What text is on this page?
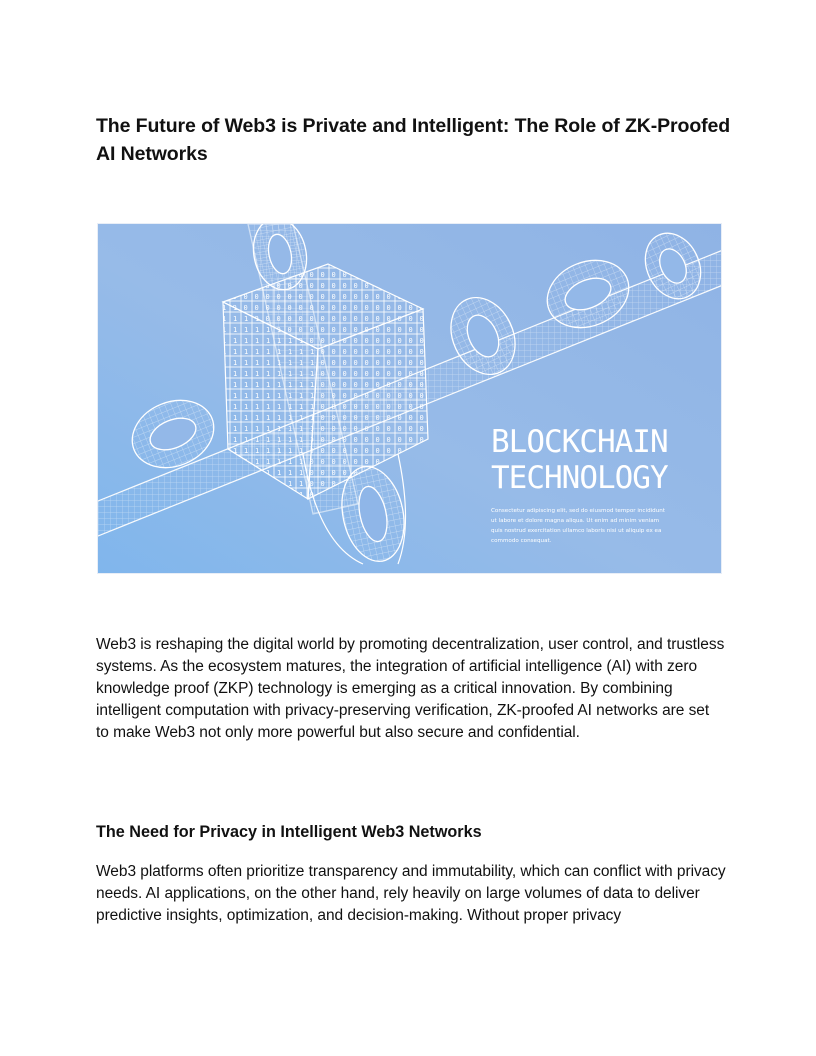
The Future of Web3 is Private and Intelligent: The Role of ZK-Proofed AI Networks
BLOCKCHAIN
TECHNOLOGY
Consectetur adipiscing elit, sed do eiusmod tempor incididunt
ut labore et dolore magna aliqua. Ut enim ad minim veniam
quis nostrud exercitation ullamco laboris nisi ut aliquip ex ea
commodo consequat.

Web3 is reshaping the digital world by promoting decentralization, user control, and trustless systems. As the ecosystem matures, the integration of artificial intelligence (AI) with zero knowledge proof (ZKP) technology is emerging as a critical innovation. By combining intelligent computation with privacy-preserving verification, ZK-proofed AI networks are set to make Web3 not only more powerful but also secure and confidential.

The Need for Privacy in Intelligent Web3 Networks

Web3 platforms often prioritize transparency and immutability, which can conflict with privacy needs. AI applications, on the other hand, rely heavily on large volumes of data to deliver predictive insights, optimization, and decision-making. Without proper privacy
